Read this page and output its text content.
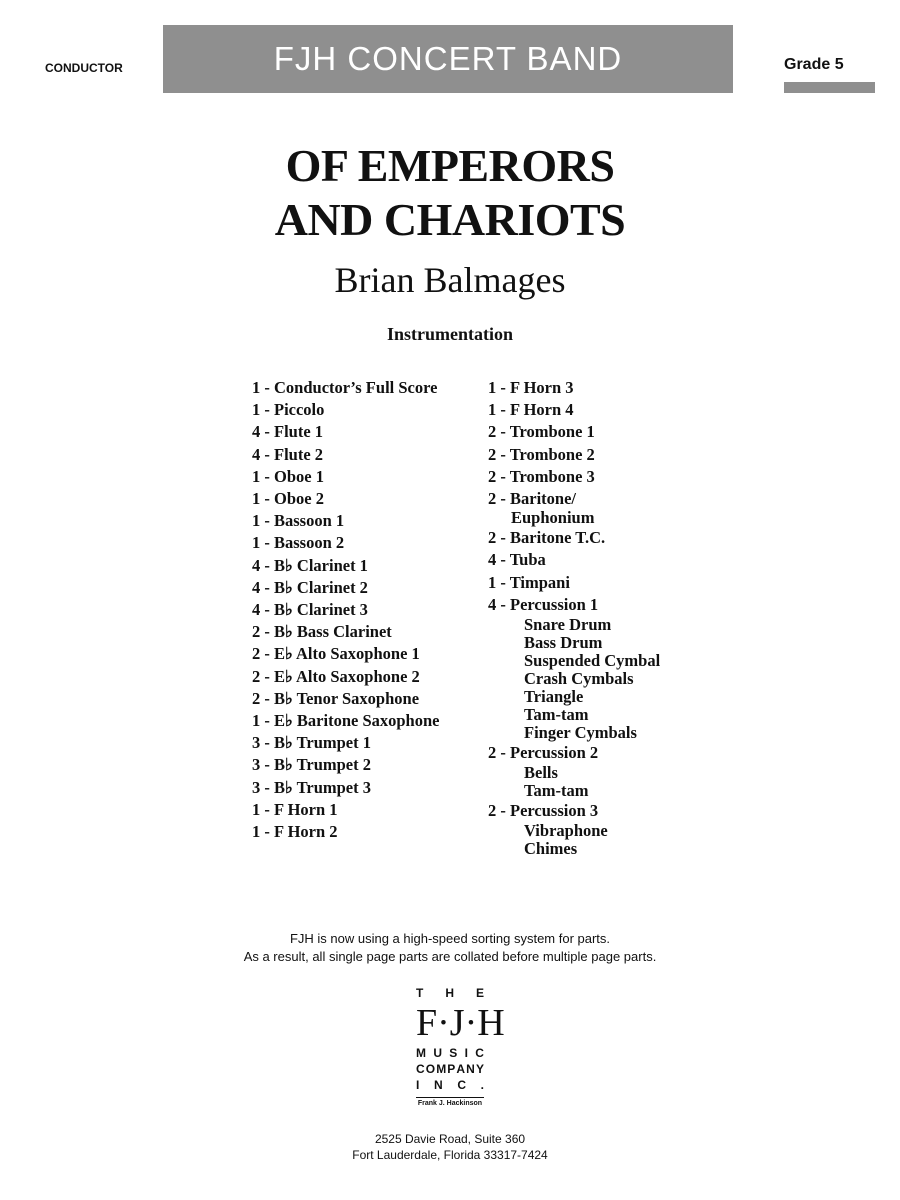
CONDUCTOR	FJH CONCERT BAND	Grade 5
OF EMPERORS
AND CHARIOTS
Brian Balmages
Instrumentation
1 - Conductor’s Full Score
1 - Piccolo
4 - Flute 1
4 - Flute 2
1 - Oboe 1
1 - Oboe 2
1 - Bassoon 1
1 - Bassoon 2
4 - B♭ Clarinet 1
4 - B♭ Clarinet 2
4 - B♭ Clarinet 3
2 - B♭ Bass Clarinet
2 - E♭ Alto Saxophone 1
2 - E♭ Alto Saxophone 2
2 - B♭ Tenor Saxophone
1 - E♭ Baritone Saxophone
3 - B♭ Trumpet 1
3 - B♭ Trumpet 2
3 - B♭ Trumpet 3
1 - F Horn 1
1 - F Horn 2
1 - F Horn 3
1 - F Horn 4
2 - Trombone 1
2 - Trombone 2
2 - Trombone 3
2 - Baritone/
Euphonium
2 - Baritone T.C.
4 - Tuba
1 - Timpani
4 - Percussion 1
Snare Drum
Bass Drum
Suspended Cymbal
Crash Cymbals
Triangle
Tam-tam
Finger Cymbals
2 - Percussion 2
Bells
Tam-tam
2 - Percussion 3
Vibraphone
Chimes
FJH is now using a high-speed sorting system for parts.
As a result, all single page parts are collated before multiple page parts.
T H E
F · J · H
M U S I C
C O M P A N Y
I N C .
Frank J. Hackinson
2525 Davie Road, Suite 360
Fort Lauderdale, Florida 33317-7424
